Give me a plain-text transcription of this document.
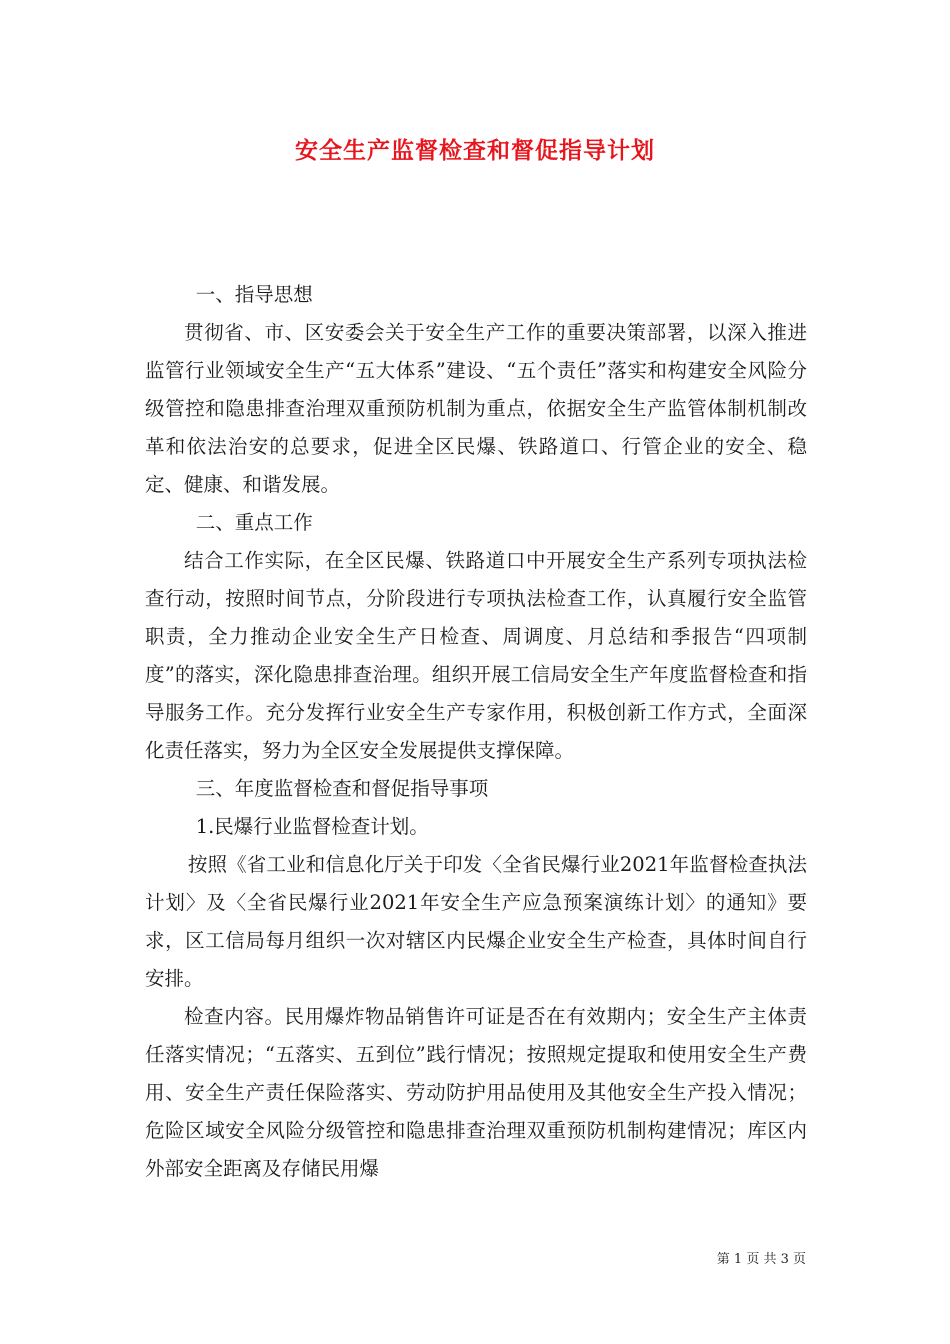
安全生产监督检查和督促指导计划

一、指导思想

贯彻省、市、区安委会关于安全生产工作的重要决策部署，以深入推进监管行业领域安全生产“五大体系”建设、“五个责任”落实和构建安全风险分级管控和隐患排查治理双重预防机制为重点，依据安全生产监管体制机制改革和依法治安的总要求，促进全区民爆、铁路道口、行管企业的安全、稳定、健康、和谐发展。

二、重点工作

结合工作实际，在全区民爆、铁路道口中开展安全生产系列专项执法检查行动，按照时间节点，分阶段进行专项执法检查工作，认真履行安全监管职责，全力推动企业安全生产日检查、周调度、月总结和季报告“四项制度”的落实，深化隐患排查治理。组织开展工信局安全生产年度监督检查和指导服务工作。充分发挥行业安全生产专家作用，积极创新工作方式，全面深化责任落实，努力为全区安全发展提供支撑保障。

三、年度监督检查和督促指导事项

1.民爆行业监督检查计划。

按照《省工业和信息化厅关于印发〈全省民爆行业2021年监督检查执法计划〉及〈全省民爆行业2021年安全生产应急预案演练计划〉的通知》要求，区工信局每月组织一次对辖区内民爆企业安全生产检查，具体时间自行安排。

检查内容。民用爆炸物品销售许可证是否在有效期内；安全生产主体责任落实情况；“五落实、五到位”践行情况；按照规定提取和使用安全生产费用、安全生产责任保险落实、劳动防护用品使用及其他安全生产投入情况；危险区域安全风险分级管控和隐患排查治理双重预防机制构建情况；库区内外部安全距离及存储民用爆

第 1 页 共 3 页
